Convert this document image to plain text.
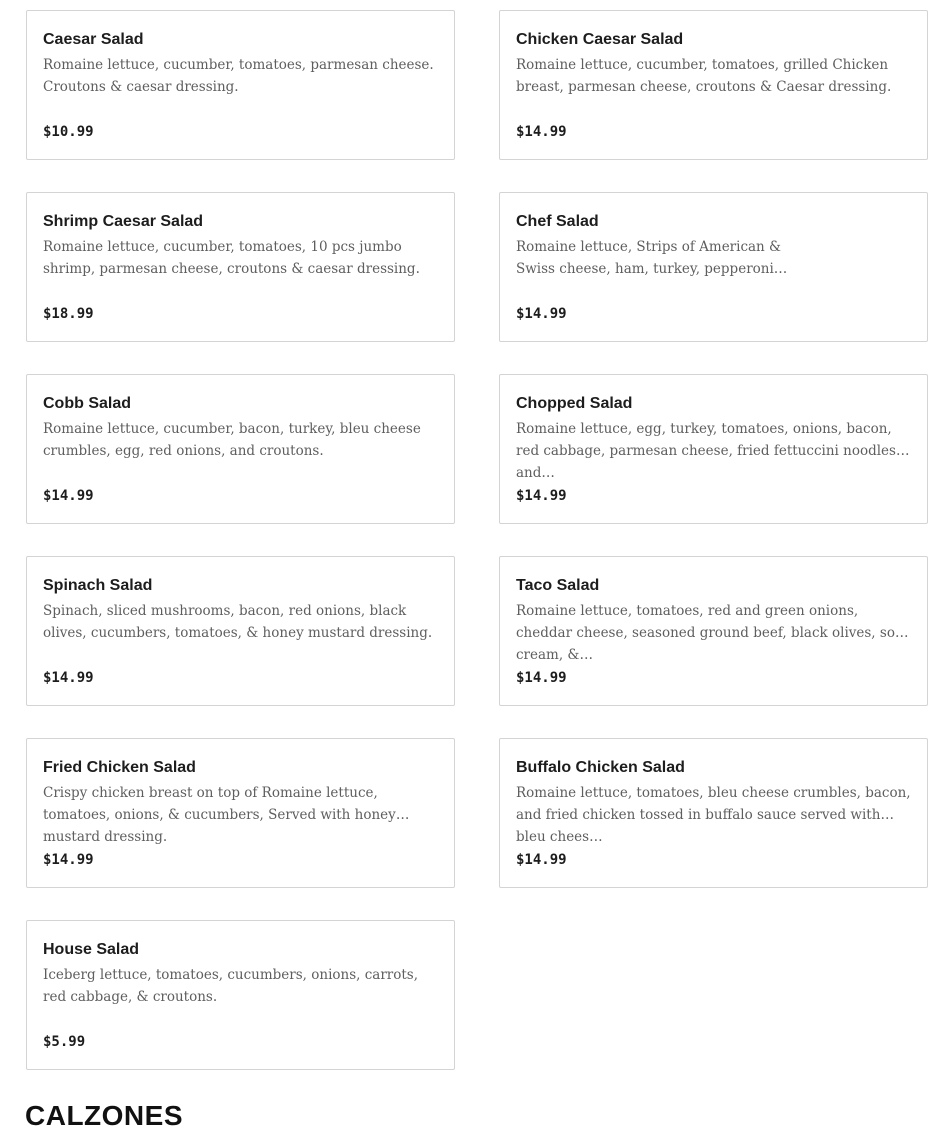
Caesar Salad
Romaine lettuce, cucumber, tomatoes, parmesan cheese. Croutons & caesar dressing.
$10.99
Chicken Caesar Salad
Romaine lettuce, cucumber, tomatoes, grilled Chicken breast, parmesan cheese, croutons & Caesar dressing.
$14.99
Shrimp Caesar Salad
Romaine lettuce, cucumber, tomatoes, 10 pcs jumbo shrimp, parmesan cheese, croutons & caesar dressing.
$18.99
Chef Salad
Romaine lettuce, Strips of American &
Swiss cheese, ham, turkey, pepperoni…
$14.99
Cobb Salad
Romaine lettuce, cucumber, bacon, turkey, bleu cheese crumbles, egg, red onions, and croutons.
$14.99
Chopped Salad
Romaine lettuce, egg, turkey, tomatoes, onions, bacon, red cabbage, parmesan cheese, fried fettuccini noodles, and…
$14.99
Spinach Salad
Spinach, sliced mushrooms, bacon, red onions, black olives, cucumbers, tomatoes, & honey mustard dressing.
$14.99
Taco Salad
Romaine lettuce, tomatoes, red and green onions, cheddar cheese, seasoned ground beef, black olives, sour cream, &…
$14.99
Fried Chicken Salad
Crispy chicken breast on top of Romaine lettuce, tomatoes, onions, & cucumbers, Served with honey mustard dressing.
$14.99
Buffalo Chicken Salad
Romaine lettuce, tomatoes, bleu cheese crumbles, bacon, and fried chicken tossed in buffalo sauce served with bleu chees…
$14.99
House Salad
Iceberg lettuce, tomatoes, cucumbers, onions, carrots, red cabbage, & croutons.
$5.99
CALZONES
